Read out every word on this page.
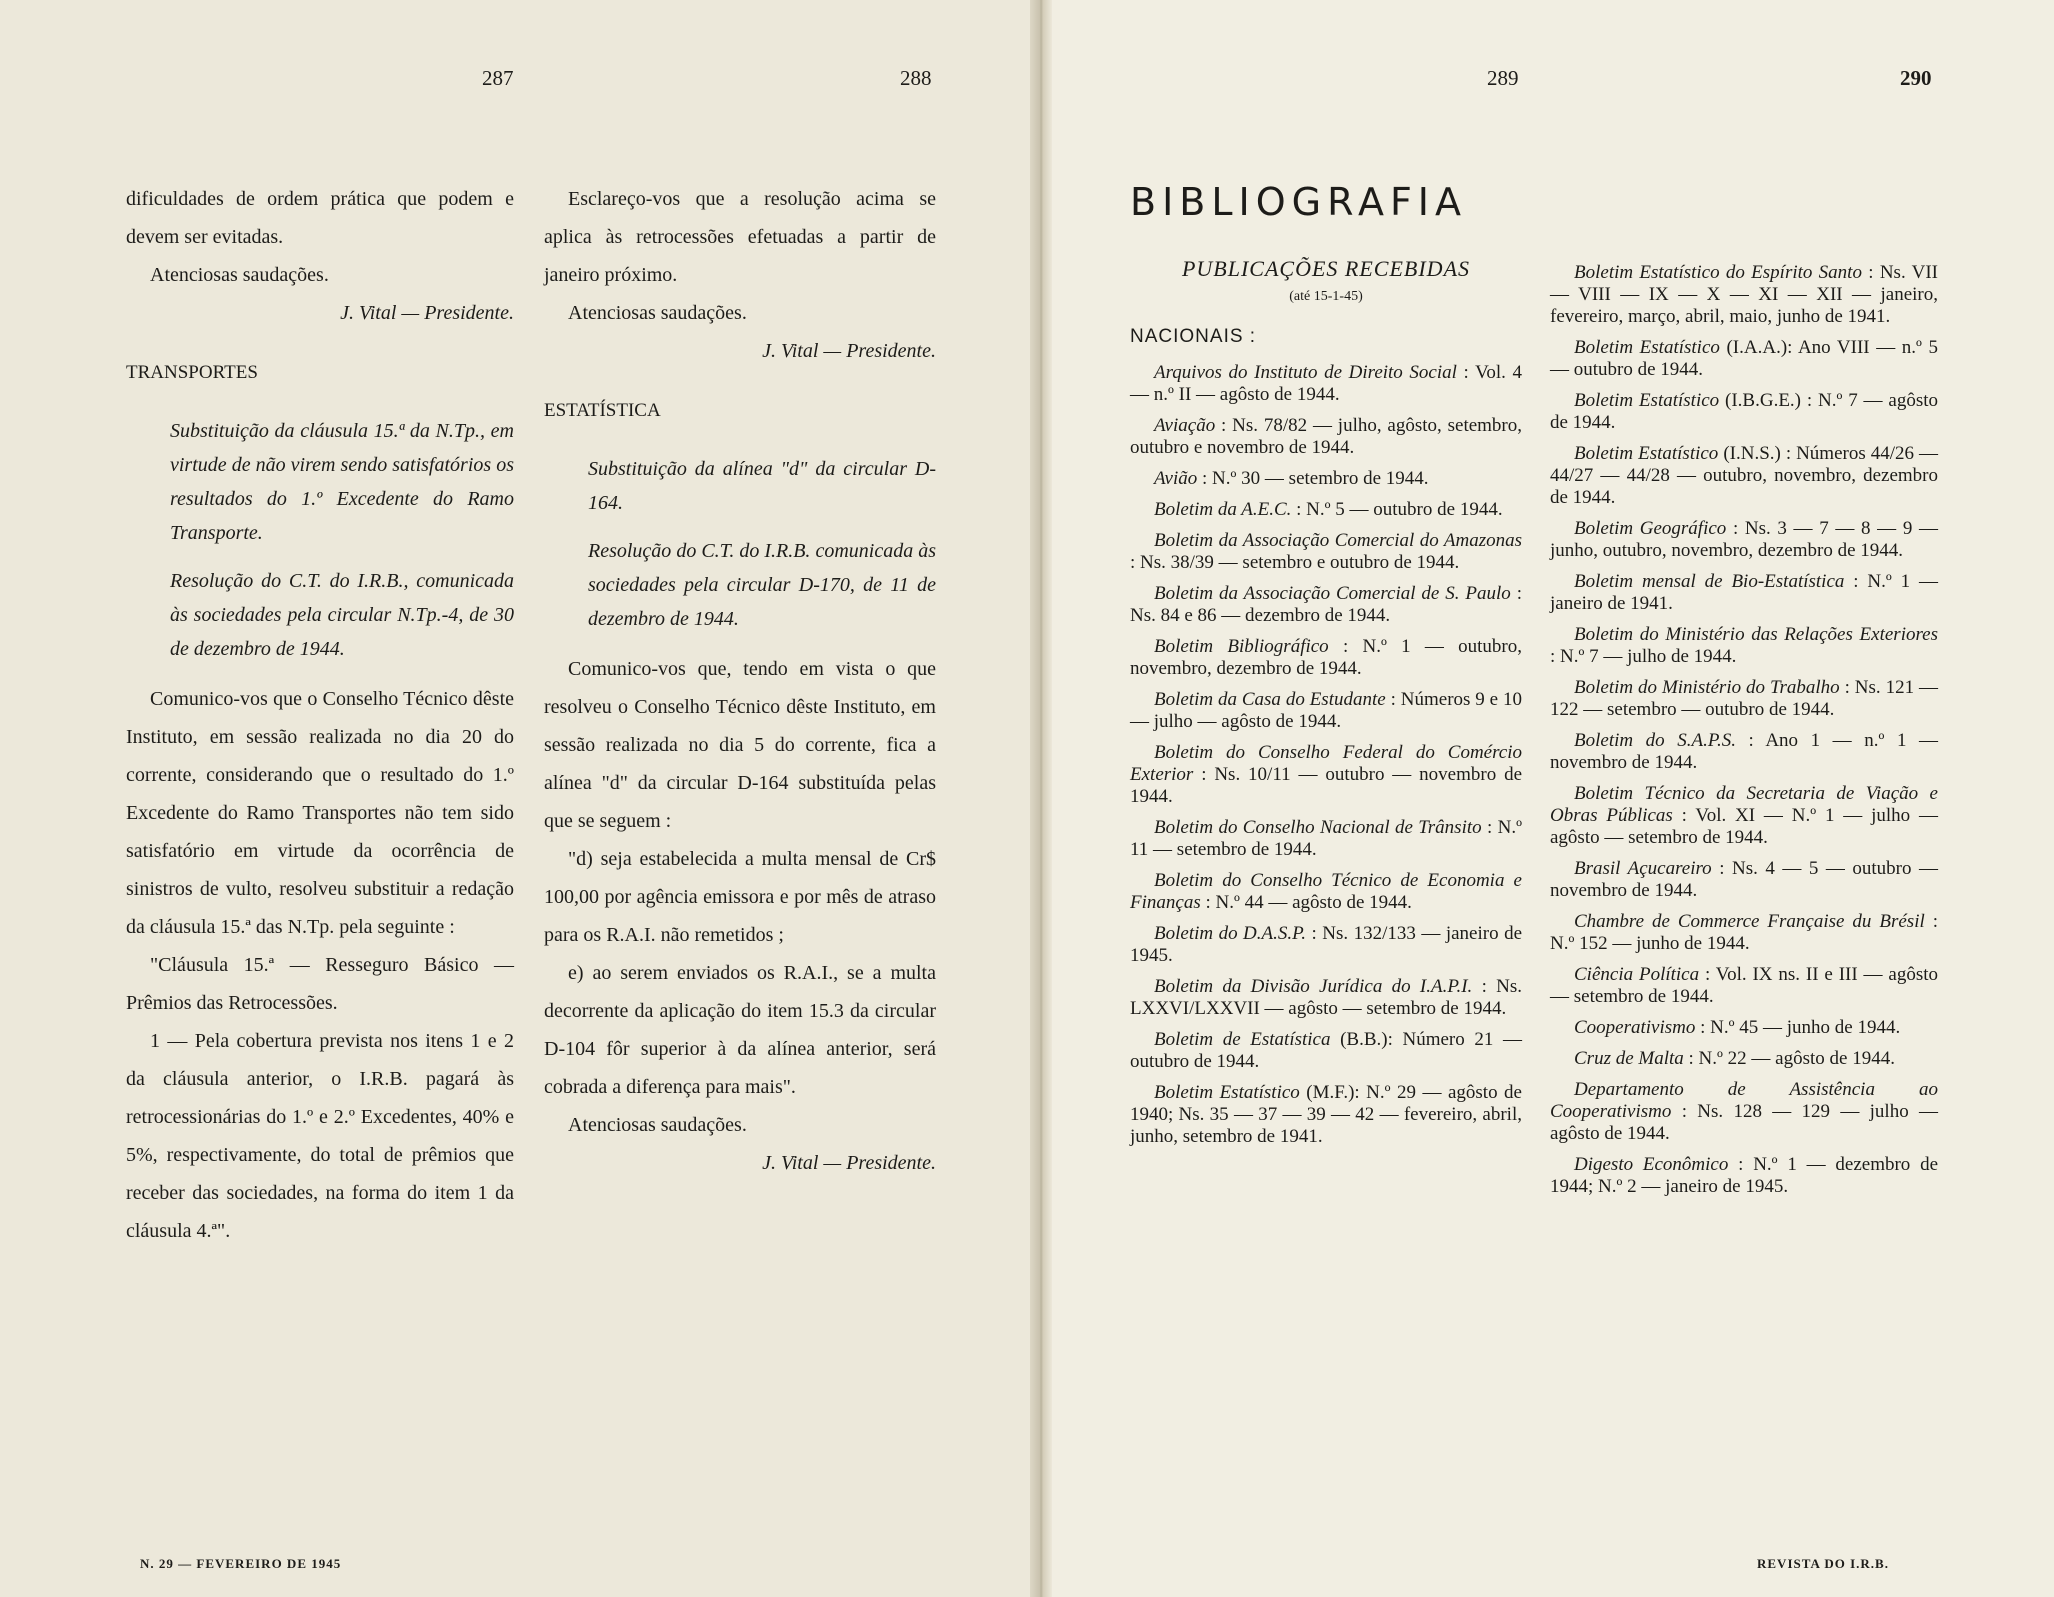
287	288	289	290

dificuldades de ordem prática que podem e devem ser evitadas.

Atenciosas saudações.

J. Vital — Presidente.

TRANSPORTES

Substituição da cláusula 15.ª da N.Tp., em virtude de não virem sendo satisfatórios os resultados do 1.º Excedente do Ramo Transporte.

Resolução do C.T. do I.R.B., comunicada às sociedades pela circular N.Tp.-4, de 30 de dezembro de 1944.

Comunico-vos que o Conselho Técnico dêste Instituto, em sessão realizada no dia 20 do corrente, considerando que o resultado do 1.º Excedente do Ramo Transportes não tem sido satisfatório em virtude da ocorrência de sinistros de vulto, resolveu substituir a redação da cláusula 15.ª das N.Tp. pela seguinte :

"Cláusula 15.ª — Resseguro Básico — Prêmios das Retrocessões.

1 — Pela cobertura prevista nos itens 1 e 2 da cláusula anterior, o I.R.B. pagará às retrocessionárias do 1.º e 2.º Excedentes, 40% e 5%, respectivamente, do total de prêmios que receber das sociedades, na forma do item 1 da cláusula 4.ª".

Esclareço-vos que a resolução acima se aplica às retrocessões efetuadas a partir de janeiro próximo.

Atenciosas saudações.

J. Vital — Presidente.

ESTATÍSTICA

Substituição da alínea "d" da circular D-164.

Resolução do C.T. do I.R.B. comunicada às sociedades pela circular D-170, de 11 de dezembro de 1944.

Comunico-vos que, tendo em vista o que resolveu o Conselho Técnico dêste Instituto, em sessão realizada no dia 5 do corrente, fica a alínea "d" da circular D-164 substituída pelas que se seguem :

"d) seja estabelecida a multa mensal de Cr$ 100,00 por agência emissora e por mês de atraso para os R.A.I. não remetidos ;

e) ao serem enviados os R.A.I., se a multa decorrente da aplicação do item 15.3 da circular D-104 fôr superior à da alínea anterior, será cobrada a diferença para mais".

Atenciosas saudações.

J. Vital — Presidente.

BIBLIOGRAFIA
PUBLICAÇÕES RECEBIDAS
(até 15-1-45)
NACIONAIS :

Arquivos do Instituto de Direito Social : Vol. 4 — n.º II — agôsto de 1944.

Aviação : Ns. 78/82 — julho, agôsto, setembro, outubro e novembro de 1944.

Avião : N.º 30 — setembro de 1944.

Boletim da A.E.C. : N.º 5 — outubro de 1944.

Boletim da Associação Comercial do Amazonas : Ns. 38/39 — setembro e outubro de 1944.

Boletim da Associação Comercial de S. Paulo : Ns. 84 e 86 — dezembro de 1944.

Boletim Bibliográfico : N.º 1 — outubro, novembro, dezembro de 1944.

Boletim da Casa do Estudante : Números 9 e 10 — julho — agôsto de 1944.

Boletim do Conselho Federal do Comércio Exterior : Ns. 10/11 — outubro — novembro de 1944.

Boletim do Conselho Nacional de Trânsito : N.º 11 — setembro de 1944.

Boletim do Conselho Técnico de Economia e Finanças : N.º 44 — agôsto de 1944.

Boletim do D.A.S.P. : Ns. 132/133 — janeiro de 1945.

Boletim da Divisão Jurídica do I.A.P.I. : Ns. LXXVI/LXXVII — agôsto — setembro de 1944.

Boletim de Estatística (B.B.): Número 21 — outubro de 1944.

Boletim Estatístico (M.F.): N.º 29 — agôsto de 1940; Ns. 35 — 37 — 39 — 42 — fevereiro, abril, junho, setembro de 1941.

Boletim Estatístico do Espírito Santo : Ns. VII — VIII — IX — X — XI — XII — janeiro, fevereiro, março, abril, maio, junho de 1941.

Boletim Estatístico (I.A.A.): Ano VIII — n.º 5 — outubro de 1944.

Boletim Estatístico (I.B.G.E.) : N.º 7 — agôsto de 1944.

Boletim Estatístico (I.N.S.) : Números 44/26 — 44/27 — 44/28 — outubro, novembro, dezembro de 1944.

Boletim Geográfico : Ns. 3 — 7 — 8 — 9 — junho, outubro, novembro, dezembro de 1944.

Boletim mensal de Bio-Estatística : N.º 1 — janeiro de 1941.

Boletim do Ministério das Relações Exteriores : N.º 7 — julho de 1944.

Boletim do Ministério do Trabalho : Ns. 121 — 122 — setembro — outubro de 1944.

Boletim do S.A.P.S. : Ano 1 — n.º 1 — novembro de 1944.

Boletim Técnico da Secretaria de Viação e Obras Públicas : Vol. XI — N.º 1 — julho — agôsto — setembro de 1944.

Brasil Açucareiro : Ns. 4 — 5 — outubro — novembro de 1944.

Chambre de Commerce Française du Brésil : N.º 152 — junho de 1944.

Ciência Política : Vol. IX ns. II e III — agôsto — setembro de 1944.

Cooperativismo : N.º 45 — junho de 1944.

Cruz de Malta : N.º 22 — agôsto de 1944.

Departamento de Assistência ao Cooperativismo : Ns. 128 — 129 — julho — agôsto de 1944.

Digesto Econômico : N.º 1 — dezembro de 1944; N.º 2 — janeiro de 1945.

N. 29 — FEVEREIRO DE 1945	REVISTA DO I.R.B.
